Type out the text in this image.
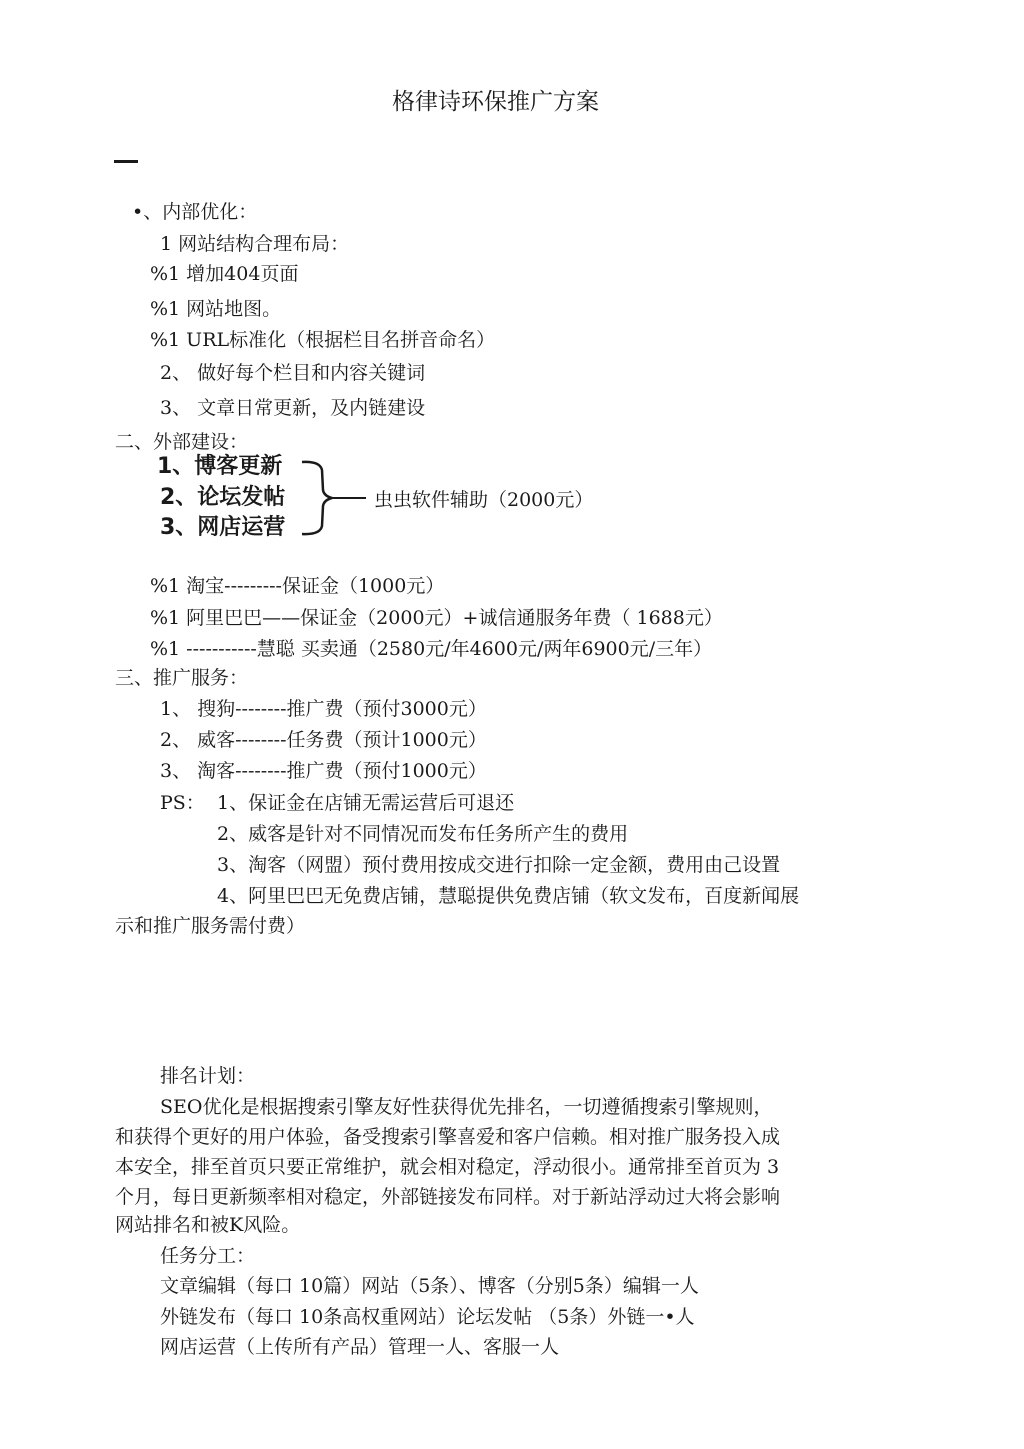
格律诗环保推广方案
•、内部优化：
1 网站结构合理布局：
%1 增加404页面
%1 网站地图。
%1 URL标准化（根据栏目名拼音命名）
2、 做好每个栏目和内容关键词
3、 文章日常更新，及内链建设
二、外部建设：
1、博客更新
2、论坛发帖
3、网店运营
虫虫软件辅助（2000元）
%1 淘宝---------保证金（1000元）
%1 阿里巴巴——保证金（2000元）+诚信通服务年费（ 1688元）
%1 -----------慧聪 买卖通（2580元/年4600元/两年6900元/三年）
三、推广服务：
1、 搜狗--------推广费（预付3000元）
2、 威客--------任务费（预计1000元）
3、 淘客--------推广费（预付1000元）
PS： 1、保证金在店铺无需运营后可退还
2、威客是针对不同情况而发布任务所产生的费用
3、淘客（网盟）预付费用按成交进行扣除一定金额，费用由己设置
4、阿里巴巴无免费店铺，慧聪提供免费店铺（软文发布，百度新闻展
示和推广服务需付费）
排名计划：
SEO优化是根据搜索引擎友好性获得优先排名，一切遵循搜索引擎规则，
和获得个更好的用户体验，备受搜索引擎喜爱和客户信赖。相对推广服务投入成
本安全，排至首页只要正常维护，就会相对稳定，浮动很小。通常排至首页为 3
个月，每日更新频率相对稳定，外部链接发布同样。对于新站浮动过大将会影响
网站排名和被K风险。
任务分工：
文章编辑（每口 10篇）网站（5条）、博客（分别5条）编辑一人
外链发布（每口 10条高权重网站）论坛发帖 （5条）外链一•人
网店运营（上传所有产品）管理一人、客服一人
